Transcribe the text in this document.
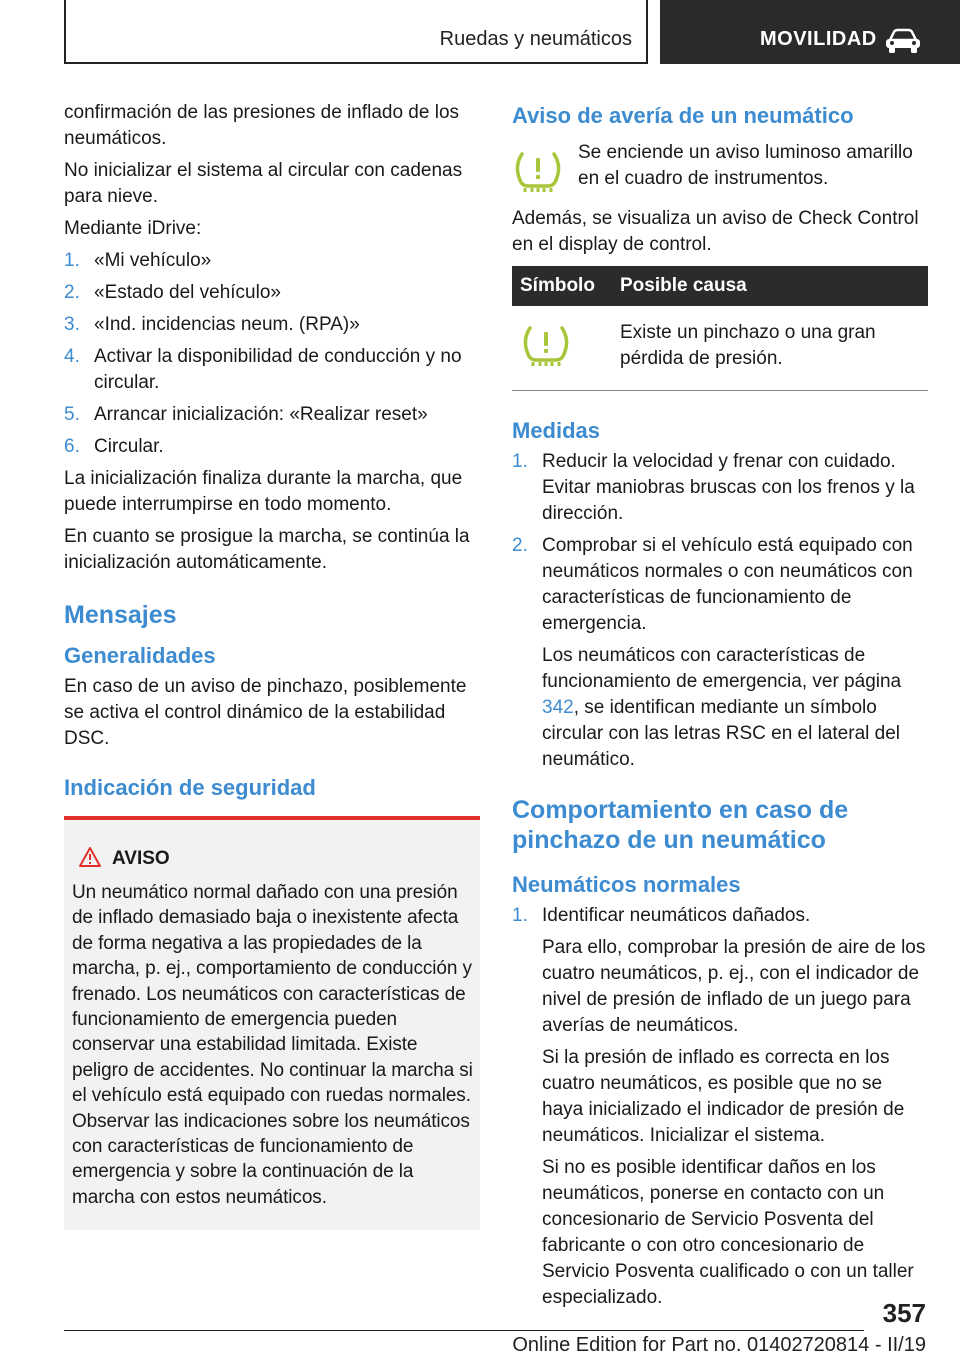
Ruedas y neumáticos	MOVILIDAD

confirmación de las presiones de inflado de los neumáticos.

No inicializar el sistema al circular con cadenas para nieve.

Mediante iDrive:

1. «Mi vehículo»
2. «Estado del vehículo»
3. «Ind. incidencias neum. (RPA)»
4. Activar la disponibilidad de conducción y no circular.
5. Arrancar inicialización: «Realizar reset»
6. Circular.

La inicialización finaliza durante la marcha, que puede interrumpirse en todo momento.

En cuanto se prosigue la marcha, se continúa la inicialización automáticamente.

Mensajes
Generalidades

En caso de un aviso de pinchazo, posiblemente se activa el control dinámico de la estabilidad DSC.

Indicación de seguridad
AVISO
Un neumático normal dañado con una presión de inflado demasiado baja o inexistente afecta de forma negativa a las propiedades de la marcha, p. ej., comportamiento de conducción y frenado. Los neumáticos con características de funcionamiento de emergencia pueden conservar una estabilidad limitada. Existe peligro de accidentes. No continuar la marcha si el vehículo está equipado con ruedas normales. Observar las indicaciones sobre los neumáticos con características de funcionamiento de emergencia y sobre la continuación de la marcha con estos neumáticos.
Aviso de avería de un neumático
Se enciende un aviso luminoso amarillo en el cuadro de instrumentos.

Además, se visualiza un aviso de Check Control en el display de control.

Símbolo	Posible causa
	Existe un pinchazo o una gran pérdida de presión.
Medidas
1. Reducir la velocidad y frenar con cuidado. Evitar maniobras bruscas con los frenos y la dirección.
2. Comprobar si el vehículo está equipado con neumáticos normales o con neumáticos con características de funcionamiento de emergencia.
Los neumáticos con características de funcionamiento de emergencia, ver página 342, se identifican mediante un símbolo circular con las letras RSC en el lateral del neumático.
Comportamiento en caso de pinchazo de un neumático
Neumáticos normales
1. Identificar neumáticos dañados.
Para ello, comprobar la presión de aire de los cuatro neumáticos, p. ej., con el indicador de nivel de presión de inflado de un juego para averías de neumáticos.
Si la presión de inflado es correcta en los cuatro neumáticos, es posible que no se haya inicializado el indicador de presión de neumáticos. Inicializar el sistema.
Si no es posible identificar daños en los neumáticos, ponerse en contacto con un concesionario de Servicio Posventa del fabricante o con otro concesionario de Servicio Posventa cualificado o con un taller especializado.
357
Online Edition for Part no. 01402720814 - II/19
